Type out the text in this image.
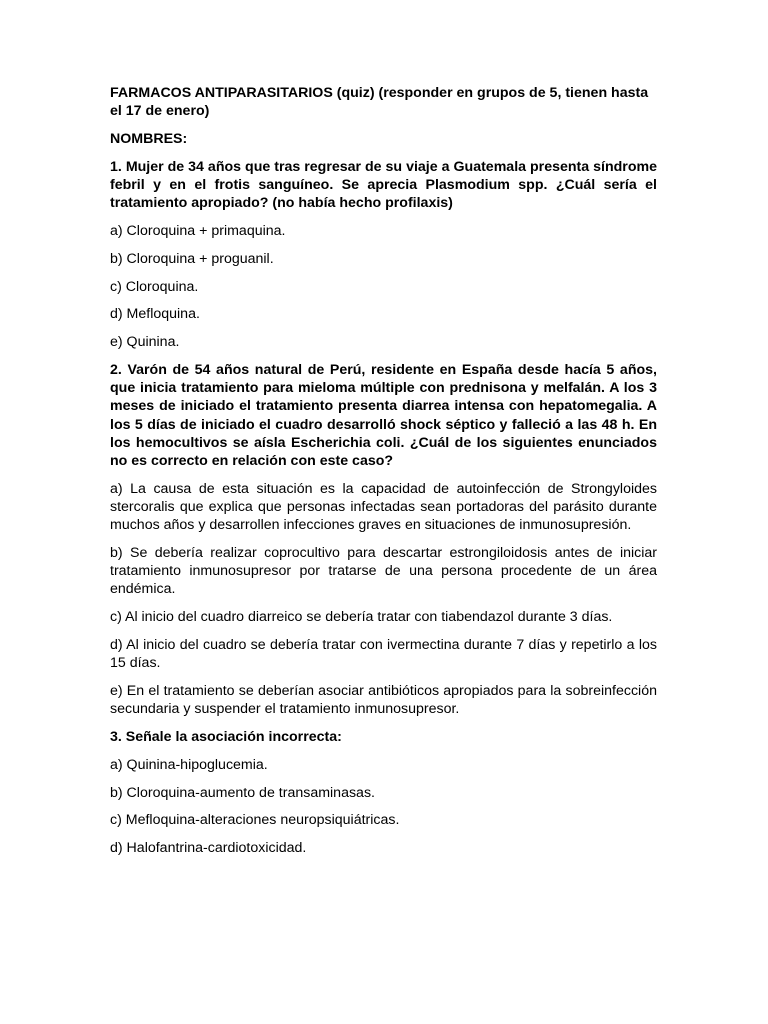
FARMACOS ANTIPARASITARIOS (quiz) (responder en grupos de 5, tienen hasta el 17 de enero)

NOMBRES:

1. Mujer de 34 años que tras regresar de su viaje a Guatemala presenta síndrome febril y en el frotis sanguíneo. Se aprecia Plasmodium spp. ¿Cuál sería el tratamiento apropiado? (no había hecho profilaxis)

a) Cloroquina + primaquina.

b) Cloroquina + proguanil.

c) Cloroquina.

d) Mefloquina.

e) Quinina.

2. Varón de 54 años natural de Perú, residente en España desde hacía 5 años, que inicia tratamiento para mieloma múltiple con prednisona y melfalán. A los 3 meses de iniciado el tratamiento presenta diarrea intensa con hepatomegalia. A los 5 días de iniciado el cuadro desarrolló shock séptico y falleció a las 48 h. En los hemocultivos se aísla Escherichia coli. ¿Cuál de los siguientes enunciados no es correcto en relación con este caso?

a) La causa de esta situación es la capacidad de autoinfección de Strongyloides stercoralis que explica que personas infectadas sean portadoras del parásito durante muchos años y desarrollen infecciones graves en situaciones de inmunosupresión.

b) Se debería realizar coprocultivo para descartar estrongiloidosis antes de iniciar tratamiento inmunosupresor por tratarse de una persona procedente de un área endémica.

c) Al inicio del cuadro diarreico se debería tratar con tiabendazol durante 3 días.

d) Al inicio del cuadro se debería tratar con ivermectina durante 7 días y repetirlo a los 15 días.

e) En el tratamiento se deberían asociar antibióticos apropiados para la sobreinfección secundaria y suspender el tratamiento inmunosupresor.

3. Señale la asociación incorrecta:

a) Quinina-hipoglucemia.

b) Cloroquina-aumento de transaminasas.

c) Mefloquina-alteraciones neuropsiquiátricas.

d) Halofantrina-cardiotoxicidad.
